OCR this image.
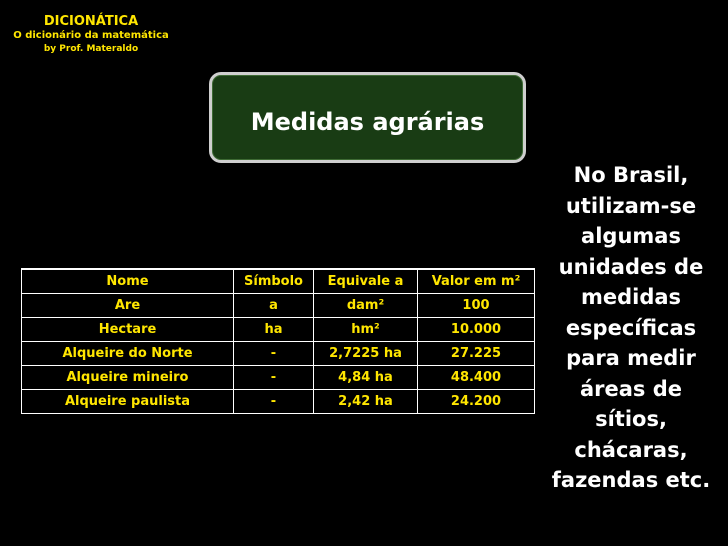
DICIONÁTICA
O dicionário da matemática
by Prof. Materaldo
Medidas agrárias
Nome	Símbolo	Equivale a	Valor em m²
Are	a	dam²	100
Hectare	ha	hm²	10.000
Alqueire do Norte	-	2,7225 ha	27.225
Alqueire mineiro	-	4,84 ha	48.400
Alqueire paulista	-	2,42 ha	24.200
No Brasil,
utilizam-se
algumas
unidades de
medidas
específicas
para medir
áreas de
sítios,
chácaras,
fazendas etc.
